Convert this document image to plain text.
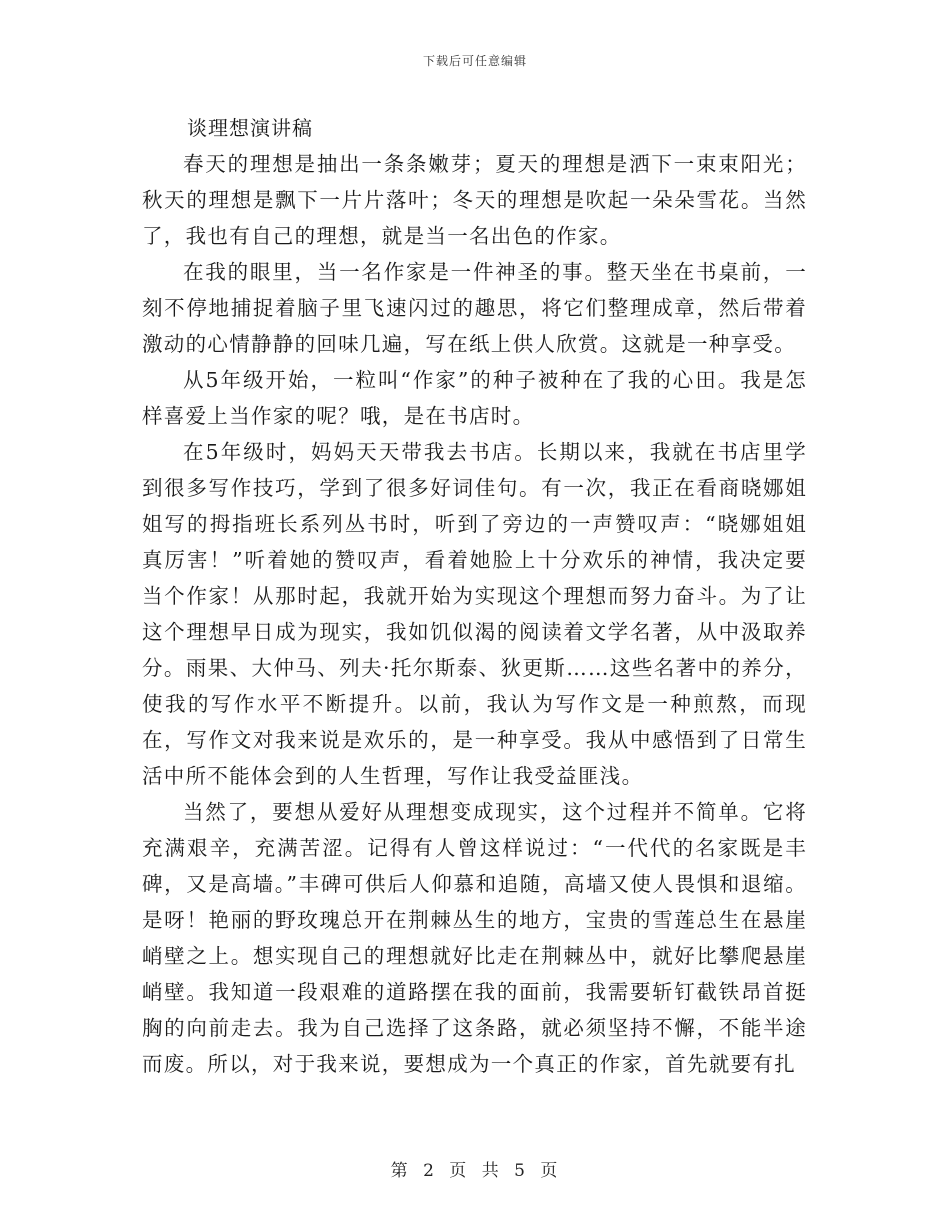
下载后可任意编辑
谈理想演讲稿

春天的理想是抽出一条条嫩芽；夏天的理想是洒下一束束阳光；秋天的理想是飘下一片片落叶；冬天的理想是吹起一朵朵雪花。当然了，我也有自己的理想，就是当一名出色的作家。

在我的眼里，当一名作家是一件神圣的事。整天坐在书桌前，一刻不停地捕捉着脑子里飞速闪过的趣思，将它们整理成章，然后带着激动的心情静静的回味几遍，写在纸上供人欣赏。这就是一种享受。

从5年级开始，一粒叫“作家”的种子被种在了我的心田。我是怎样喜爱上当作家的呢？哦，是在书店时。

在5年级时，妈妈天天带我去书店。长期以来，我就在书店里学到很多写作技巧，学到了很多好词佳句。有一次，我正在看商晓娜姐姐写的拇指班长系列丛书时，听到了旁边的一声赞叹声：“晓娜姐姐真厉害！”听着她的赞叹声，看着她脸上十分欢乐的神情，我决定要当个作家！从那时起，我就开始为实现这个理想而努力奋斗。为了让这个理想早日成为现实，我如饥似渴的阅读着文学名著，从中汲取养分。雨果、大仲马、列夫·托尔斯泰、狄更斯……这些名著中的养分，使我的写作水平不断提升。以前，我认为写作文是一种煎熬，而现在，写作文对我来说是欢乐的，是一种享受。我从中感悟到了日常生活中所不能体会到的人生哲理，写作让我受益匪浅。

当然了，要想从爱好从理想变成现实，这个过程并不简单。它将充满艰辛，充满苦涩。记得有人曾这样说过：“一代代的名家既是丰碑，又是高墙。”丰碑可供后人仰慕和追随，高墙又使人畏惧和退缩。是呀！艳丽的野玫瑰总开在荆棘丛生的地方，宝贵的雪莲总生在悬崖峭壁之上。想实现自己的理想就好比走在荆棘丛中，就好比攀爬悬崖峭壁。我知道一段艰难的道路摆在我的面前，我需要斩钉截铁昂首挺胸的向前走去。我为自己选择了这条路，就必须坚持不懈，不能半途而废。所以，对于我来说，要想成为一个真正的作家，首先就要有扎

第 2 页 共 5 页
